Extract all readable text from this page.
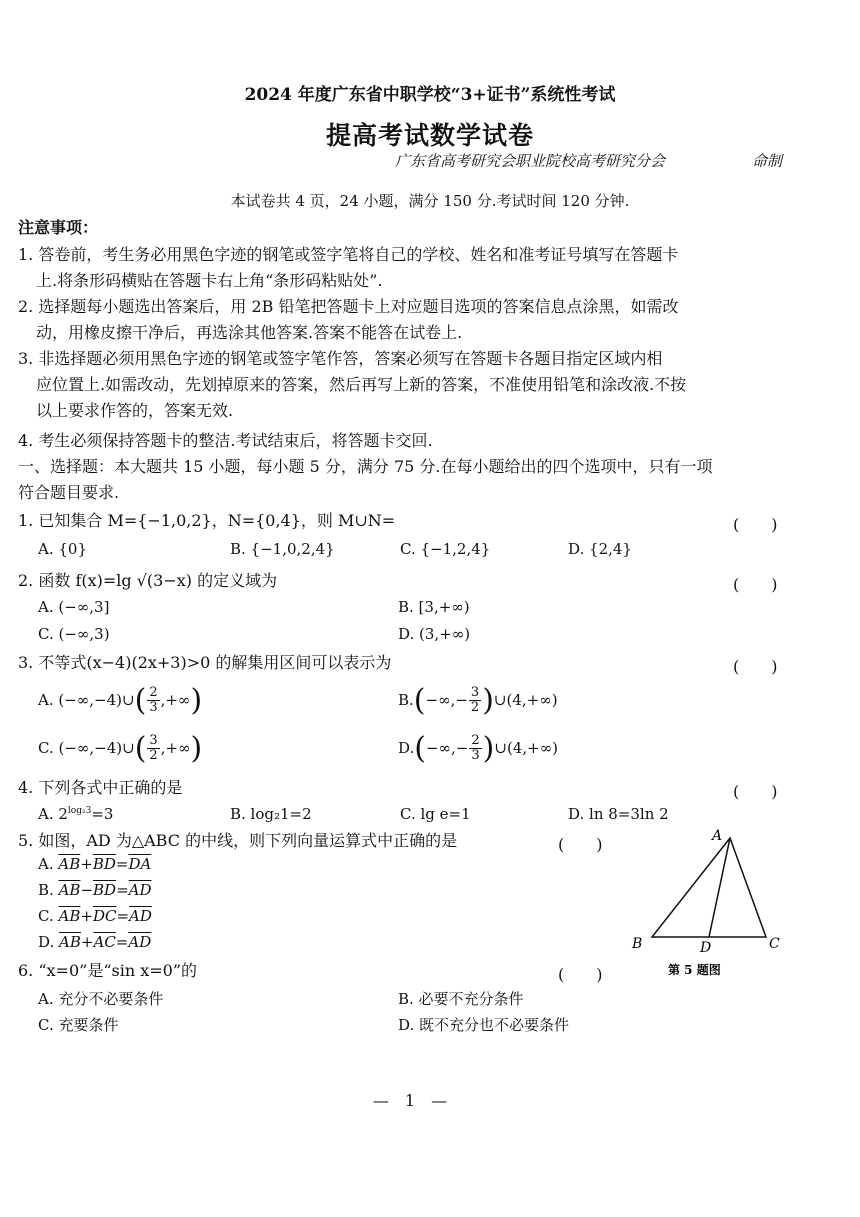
2024 年度广东省中职学校“3+证书”系统性考试
提高考试数学试卷
广东省高考研究会职业院校高考研究分会	命制
本试卷共 4 页，24 小题，满分 150 分.考试时间 120 分钟.
注意事项：
1. 答卷前，考生务必用黑色字迹的钢笔或签字笔将自己的学校、姓名和准考证号填写在答题卡
上.将条形码横贴在答题卡右上角“条形码粘贴处”.
2. 选择题每小题选出答案后，用 2B 铅笔把答题卡上对应题目选项的答案信息点涂黑，如需改
动，用橡皮擦干净后，再选涂其他答案.答案不能答在试卷上.
3. 非选择题必须用黑色字迹的钢笔或签字笔作答，答案必须写在答题卡各题目指定区域内相
应位置上.如需改动，先划掉原来的答案，然后再写上新的答案，不准使用铅笔和涂改液.不按
以上要求作答的，答案无效.
4. 考生必须保持答题卡的整洁.考试结束后，将答题卡交回.
一、选择题：本大题共 15 小题，每小题 5 分，满分 75 分.在每小题给出的四个选项中，只有一项
符合题目要求.
1. 已知集合 M={−1,0,2}，N={0,4}，则 M∪N=	(　　)
A. {0}	B. {−1,0,2,4}	C. {−1,2,4}	D. {2,4}
2. 函数 f(x)=lg √(3−x) 的定义域为	(　　)
A. (−∞,3]	B. [3,+∞)
C. (−∞,3)	D. (3,+∞)
3. 不等式(x−4)(2x+3)>0 的解集用区间可以表示为	(　　)
A. (−∞,−4)∪ ( $\frac{2}{3}$ ,+∞ )	B. ( −∞,− $\frac{3}{2}$ ) ∪(4,+∞)
C. (−∞,−4)∪ ( $\frac{3}{2}$ ,+∞ )	D. ( −∞,− $\frac{2}{3}$ ) ∪(4,+∞)
4. 下列各式中正确的是	(　　)
A. $2^{log_23}=3$	B. log₂1=2	C. lg e=1	D. ln 8=3ln 2
5. 如图，AD 为△ABC 的中线，则下列向量运算式中正确的是	(　　)
A. $\overline{AB}+\overline{BD}=\overline{DA}$
B. $\overline{AB}-\overline{BD}=\overline{AD}$
C. $\overline{AB}+\overline{DC}=\overline{AD}$
D. $\overline{AB}+\overline{AC}=\overline{AD}$
A
B	D	C
第 5 题图
6. “x=0”是“sin x=0”的	(　　)
A. 充分不必要条件	B. 必要不充分条件
C. 充要条件	D. 既不充分也不必要条件
—　1　—
